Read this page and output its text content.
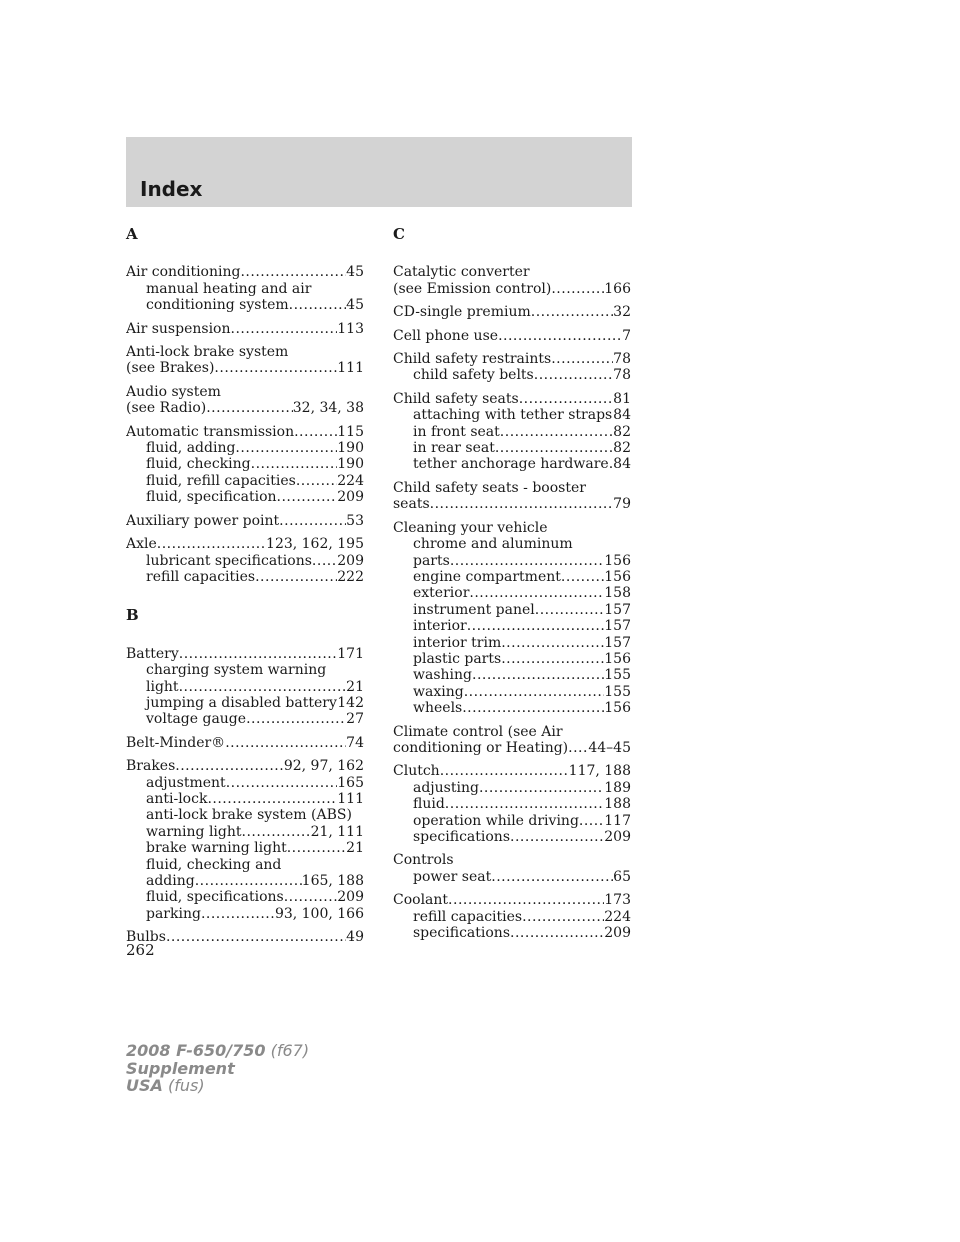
Index
A
Air conditioning .....	45
manual heating and air
conditioning system .....	45
Air suspension .....	113
Anti-lock brake system
(see Brakes) .....	111
Audio system
(see Radio) .....	32, 34, 38
Automatic transmission .....	115
fluid, adding .....	190
fluid, checking .....	190
fluid, refill capacities .....	224
fluid, specification .....	209
Auxiliary power point .....	53
Axle .....	123, 162, 195
lubricant specifications ..... 209
refill capacities .....	222
B
Battery .....	171
charging system warning
light .....	21
jumping a disabled battery ..... 142
voltage gauge .....	27
Belt-Minder® .....	74
Brakes .....	92, 97, 162
adjustment .....	165
anti-lock .....	111
anti-lock brake system (ABS)
warning light .....	21, 111
brake warning light .....	21
fluid, checking and
adding .....	165, 188
fluid, specifications .....	209
parking .....	93, 100, 166
Bulbs .....	49
C
Catalytic converter
(see Emission control) .....	166
CD-single premium .....	32
Cell phone use .....	7
Child safety restraints .....	78
child safety belts .....	78
Child safety seats .....	81
attaching with tether straps ..... 84
in front seat .....	82
in rear seat .....	82
tether anchorage hardware ..... 84
Child safety seats - booster
seats .....	79
Cleaning your vehicle
chrome and aluminum
parts .....	156
engine compartment .....	156
exterior .....	158
instrument panel .....	157
interior .....	157
interior trim .....	157
plastic parts .....	156
washing .....	155
waxing .....	155
wheels .....	156
Climate control (see Air
conditioning or Heating) ..... 44–45
Clutch .....	117, 188
adjusting .....	189
fluid .....	188
operation while driving ..... 117
specifications .....	209
Controls
power seat .....	65
Coolant .....	173
refill capacities .....	224
specifications .....	209
262
2008 F-650/750 (f67)
Supplement
USA (fus)
